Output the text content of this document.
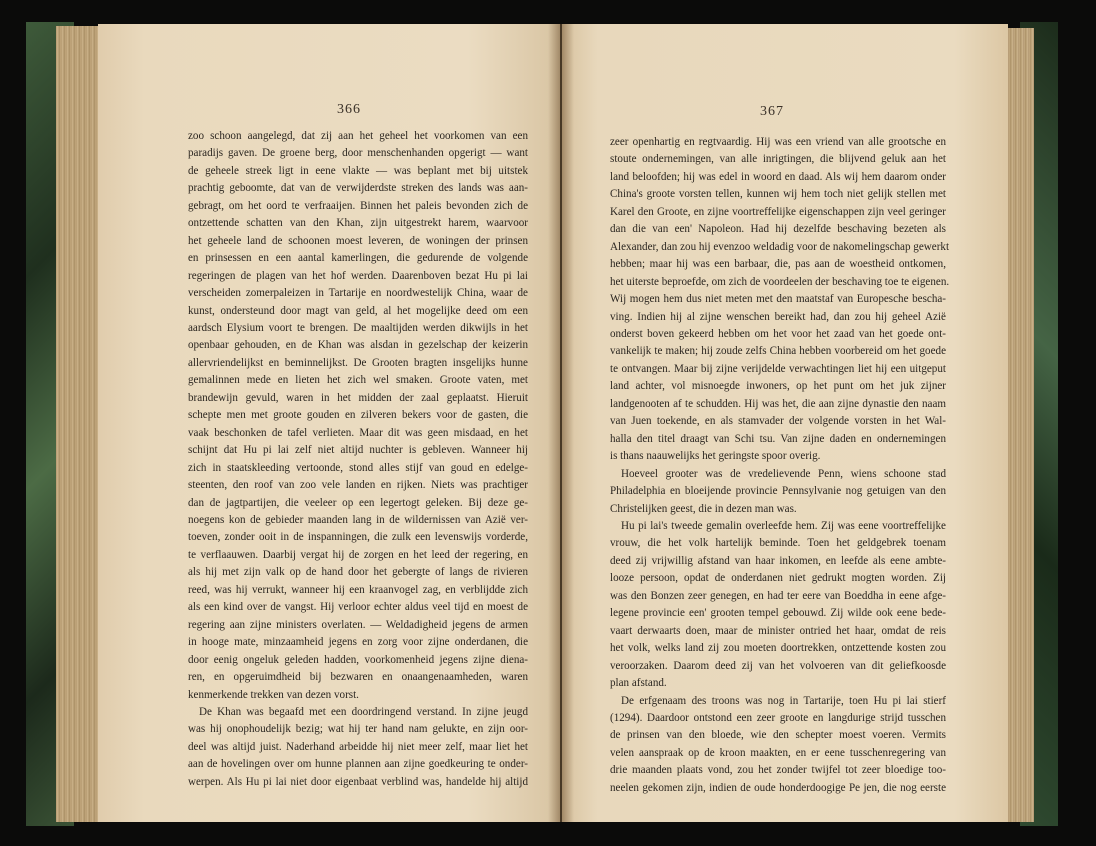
366
zoo schoon aangelegd, dat zij aan het geheel het voorkomen van een
paradijs gaven. De groene berg, door menschenhanden opgerigt — want
de geheele streek ligt in eene vlakte — was beplant met bij uitstek
prachtig geboomte, dat van de verwijderdste streken des lands was aan-
gebragt, om het oord te verfraaijen. Binnen het paleis bevonden zich de
ontzettende schatten van den Khan, zijn uitgestrekt harem, waarvoor
het geheele land de schoonen moest leveren, de woningen der prinsen
en prinsessen en een aantal kamerlingen, die gedurende de volgende
regeringen de plagen van het hof werden. Daarenboven bezat Hu pi lai
verscheiden zomerpaleizen in Tartarije en noordwestelijk China, waar de
kunst, ondersteund door magt van geld, al het mogelijke deed om een
aardsch Elysium voort te brengen. De maaltijden werden dikwijls in het
openbaar gehouden, en de Khan was alsdan in gezelschap der keizerin
allervriendelijkst en beminnelijkst. De Grooten bragten insgelijks hunne
gemalinnen mede en lieten het zich wel smaken. Groote vaten, met
brandewijn gevuld, waren in het midden der zaal geplaatst. Hieruit
schepte men met groote gouden en zilveren bekers voor de gasten, die
vaak beschonken de tafel verlieten. Maar dit was geen misdaad, en het
schijnt dat Hu pi lai zelf niet altijd nuchter is gebleven. Wanneer hij
zich in staatskleeding vertoonde, stond alles stijf van goud en edelge-
steenten, den roof van zoo vele landen en rijken. Niets was prachtiger
dan de jagtpartijen, die veeleer op een legertogt geleken. Bij deze ge-
noegens kon de gebieder maanden lang in de wildernissen van Azië ver-
toeven, zonder ooit in de inspanningen, die zulk een levenswijs vorderde,
te verflaauwen. Daarbij vergat hij de zorgen en het leed der regering, en
als hij met zijn valk op de hand door het gebergte of langs de rivieren
reed, was hij verrukt, wanneer hij een kraanvogel zag, en verblijdde zich
als een kind over de vangst. Hij verloor echter aldus veel tijd en moest de
regering aan zijne ministers overlaten. — Weldadigheid jegens de armen
in hooge mate, minzaamheid jegens en zorg voor zijne onderdanen, die
door eenig ongeluk geleden hadden, voorkomenheid jegens zijne diena-
ren, en opgeruimdheid bij bezwaren en onaangenaamheden, waren
kenmerkende trekken van dezen vorst.
De Khan was begaafd met een doordringend verstand. In zijne jeugd
was hij onophoudelijk bezig; wat hij ter hand nam gelukte, en zijn oor-
deel was altijd juist. Naderhand arbeidde hij niet meer zelf, maar liet het
aan de hovelingen over om hunne plannen aan zijne goedkeuring te onder-
werpen. Als Hu pi lai niet door eigenbaat verblind was, handelde hij altijd
367
zeer openhartig en regtvaardig. Hij was een vriend van alle grootsche en
stoute ondernemingen, van alle inrigtingen, die blijvend geluk aan het
land beloofden; hij was edel in woord en daad. Als wij hem daarom onder
China's groote vorsten tellen, kunnen wij hem toch niet gelijk stellen met
Karel den Groote, en zijne voortreffelijke eigenschappen zijn veel geringer
dan die van een' Napoleon. Had hij dezelfde beschaving bezeten als
Alexander, dan zou hij evenzoo weldadig voor de nakomelingschap gewerkt
hebben; maar hij was een barbaar, die, pas aan de woestheid ontkomen,
het uiterste beproefde, om zich de voordeelen der beschaving toe te eigenen.
Wij mogen hem dus niet meten met den maatstaf van Europesche bescha-
ving. Indien hij al zijne wenschen bereikt had, dan zou hij geheel Azië
onderst boven gekeerd hebben om het voor het zaad van het goede ont-
vankelijk te maken; hij zoude zelfs China hebben voorbereid om het goede
te ontvangen. Maar bij zijne verijdelde verwachtingen liet hij een uitgeput
land achter, vol misnoegde inwoners, op het punt om het juk zijner
landgenooten af te schudden. Hij was het, die aan zijne dynastie den naam
van Juen toekende, en als stamvader der volgende vorsten in het Wal-
halla den titel draagt van Schi tsu. Van zijne daden en ondernemingen
is thans naauwelijks het geringste spoor overig.
Hoeveel grooter was de vredelievende Penn, wiens schoone stad
Philadelphia en bloeijende provincie Pennsylvanie nog getuigen van den
Christelijken geest, die in dezen man was.
Hu pi lai's tweede gemalin overleefde hem. Zij was eene voortreffelijke
vrouw, die het volk hartelijk beminde. Toen het geldgebrek toenam
deed zij vrijwillig afstand van haar inkomen, en leefde als eene ambte-
looze persoon, opdat de onderdanen niet gedrukt mogten worden. Zij
was den Bonzen zeer genegen, en had ter eere van Boeddha in eene afge-
legene provincie een' grooten tempel gebouwd. Zij wilde ook eene bede-
vaart derwaarts doen, maar de minister ontried het haar, omdat de reis
het volk, welks land zij zou moeten doortrekken, ontzettende kosten zou
veroorzaken. Daarom deed zij van het volvoeren van dit geliefkoosde
plan afstand.
De erfgenaam des troons was nog in Tartarije, toen Hu pi lai stierf
(1294). Daardoor ontstond een zeer groote en langdurige strijd tusschen
de prinsen van den bloede, wie den schepter moest voeren. Vermits
velen aanspraak op de kroon maakten, en er eene tusschenregering van
drie maanden plaats vond, zou het zonder twijfel tot zeer bloedige too-
neelen gekomen zijn, indien de oude honderdoogige Pe jen, die nog eerste
